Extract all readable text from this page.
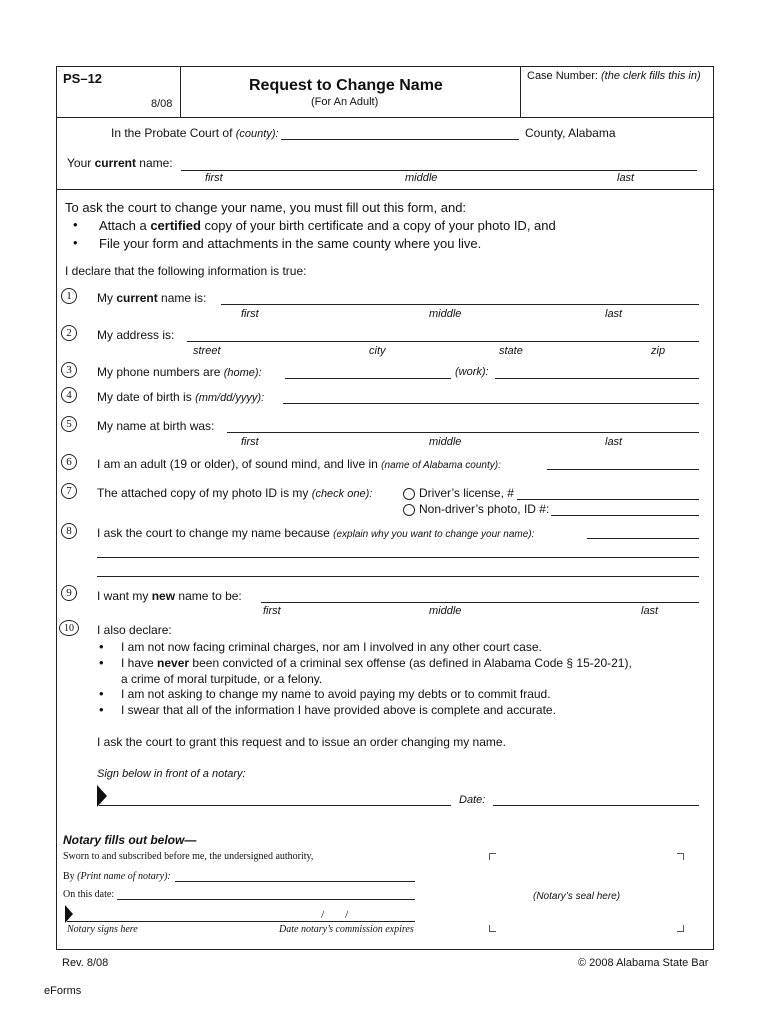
PS–12
8/08
Request to Change Name
(For An Adult)
Case Number: (the clerk fills this in)
In the Probate Court of (county):	County, Alabama
Your current name:
first	middle	last
To ask the court to change your name, you must fill out this form, and:
• Attach a certified copy of your birth certificate and a copy of your photo ID, and
• File your form and attachments in the same county where you live.
I declare that the following information is true:
1	My current name is:
first	middle	last
2	My address is:
street	city	state	zip
3	My phone numbers are (home):	(work):
4	My date of birth is (mm/dd/yyyy):
5	My name at birth was:
first	middle	last
6	I am an adult (19 or older), of sound mind, and live in (name of Alabama county):
7	The attached copy of my photo ID is my (check one):	Driver’s license, #
Non-driver’s photo, ID #:
8	I ask the court to change my name because (explain why you want to change your name):
9	I want my new name to be:
first	middle	last
10	I also declare:
• I am not now facing criminal charges, nor am I involved in any other court case.
• I have never been convicted of a criminal sex offense (as defined in Alabama Code § 15-20-21),
a crime of moral turpitude, or a felony.
• I am not asking to change my name to avoid paying my debts or to commit fraud.
• I swear that all of the information I have provided above is complete and accurate.
I ask the court to grant this request and to issue an order changing my name.
Sign below in front of a notary:
Date:
Notary fills out below—
Sworn to and subscribed before me, the undersigned authority,
By (Print name of notary):
On this date:
/ /
Notary signs here	Date notary’s commission expires
(Notary’s seal here)
Rev. 8/08	© 2008 Alabama State Bar
eForms
